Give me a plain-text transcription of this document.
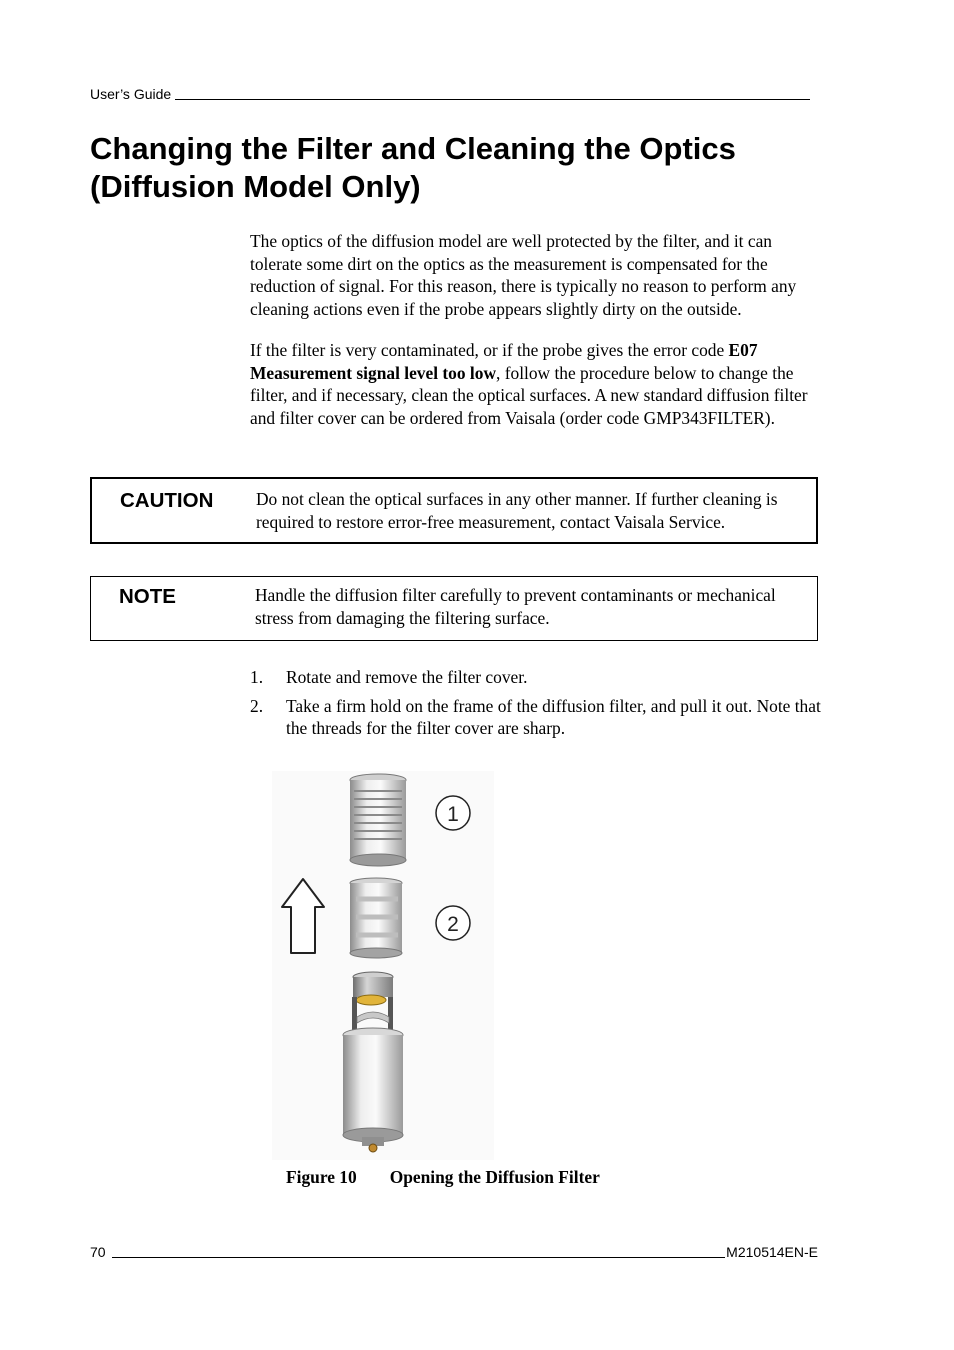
User’s Guide
Changing the Filter and Cleaning the Optics (Diffusion Model Only)

The optics of the diffusion model are well protected by the filter, and it can tolerate some dirt on the optics as the measurement is compensated for the reduction of signal. For this reason, there is typically no reason to perform any cleaning actions even if the probe appears slightly dirty on the outside.

If the filter is very contaminated, or if the probe gives the error code E07 Measurement signal level too low, follow the procedure below to change the filter, and if necessary, clean the optical surfaces. A new standard diffusion filter and filter cover can be ordered from Vaisala (order code GMP343FILTER).

CAUTION Do not clean the optical surfaces in any other manner. If further cleaning is required to restore error-free measurement, contact Vaisala Service.
NOTE	Handle the diffusion filter carefully to prevent contaminants or mechanical stress from damaging the filtering surface.
1. Rotate and remove the filter cover.
2. Take a firm hold on the frame of the diffusion filter, and pull it out. Note that the threads for the filter cover are sharp.
1
2
Figure 10 Opening the Diffusion Filter
70	M210514EN-E
